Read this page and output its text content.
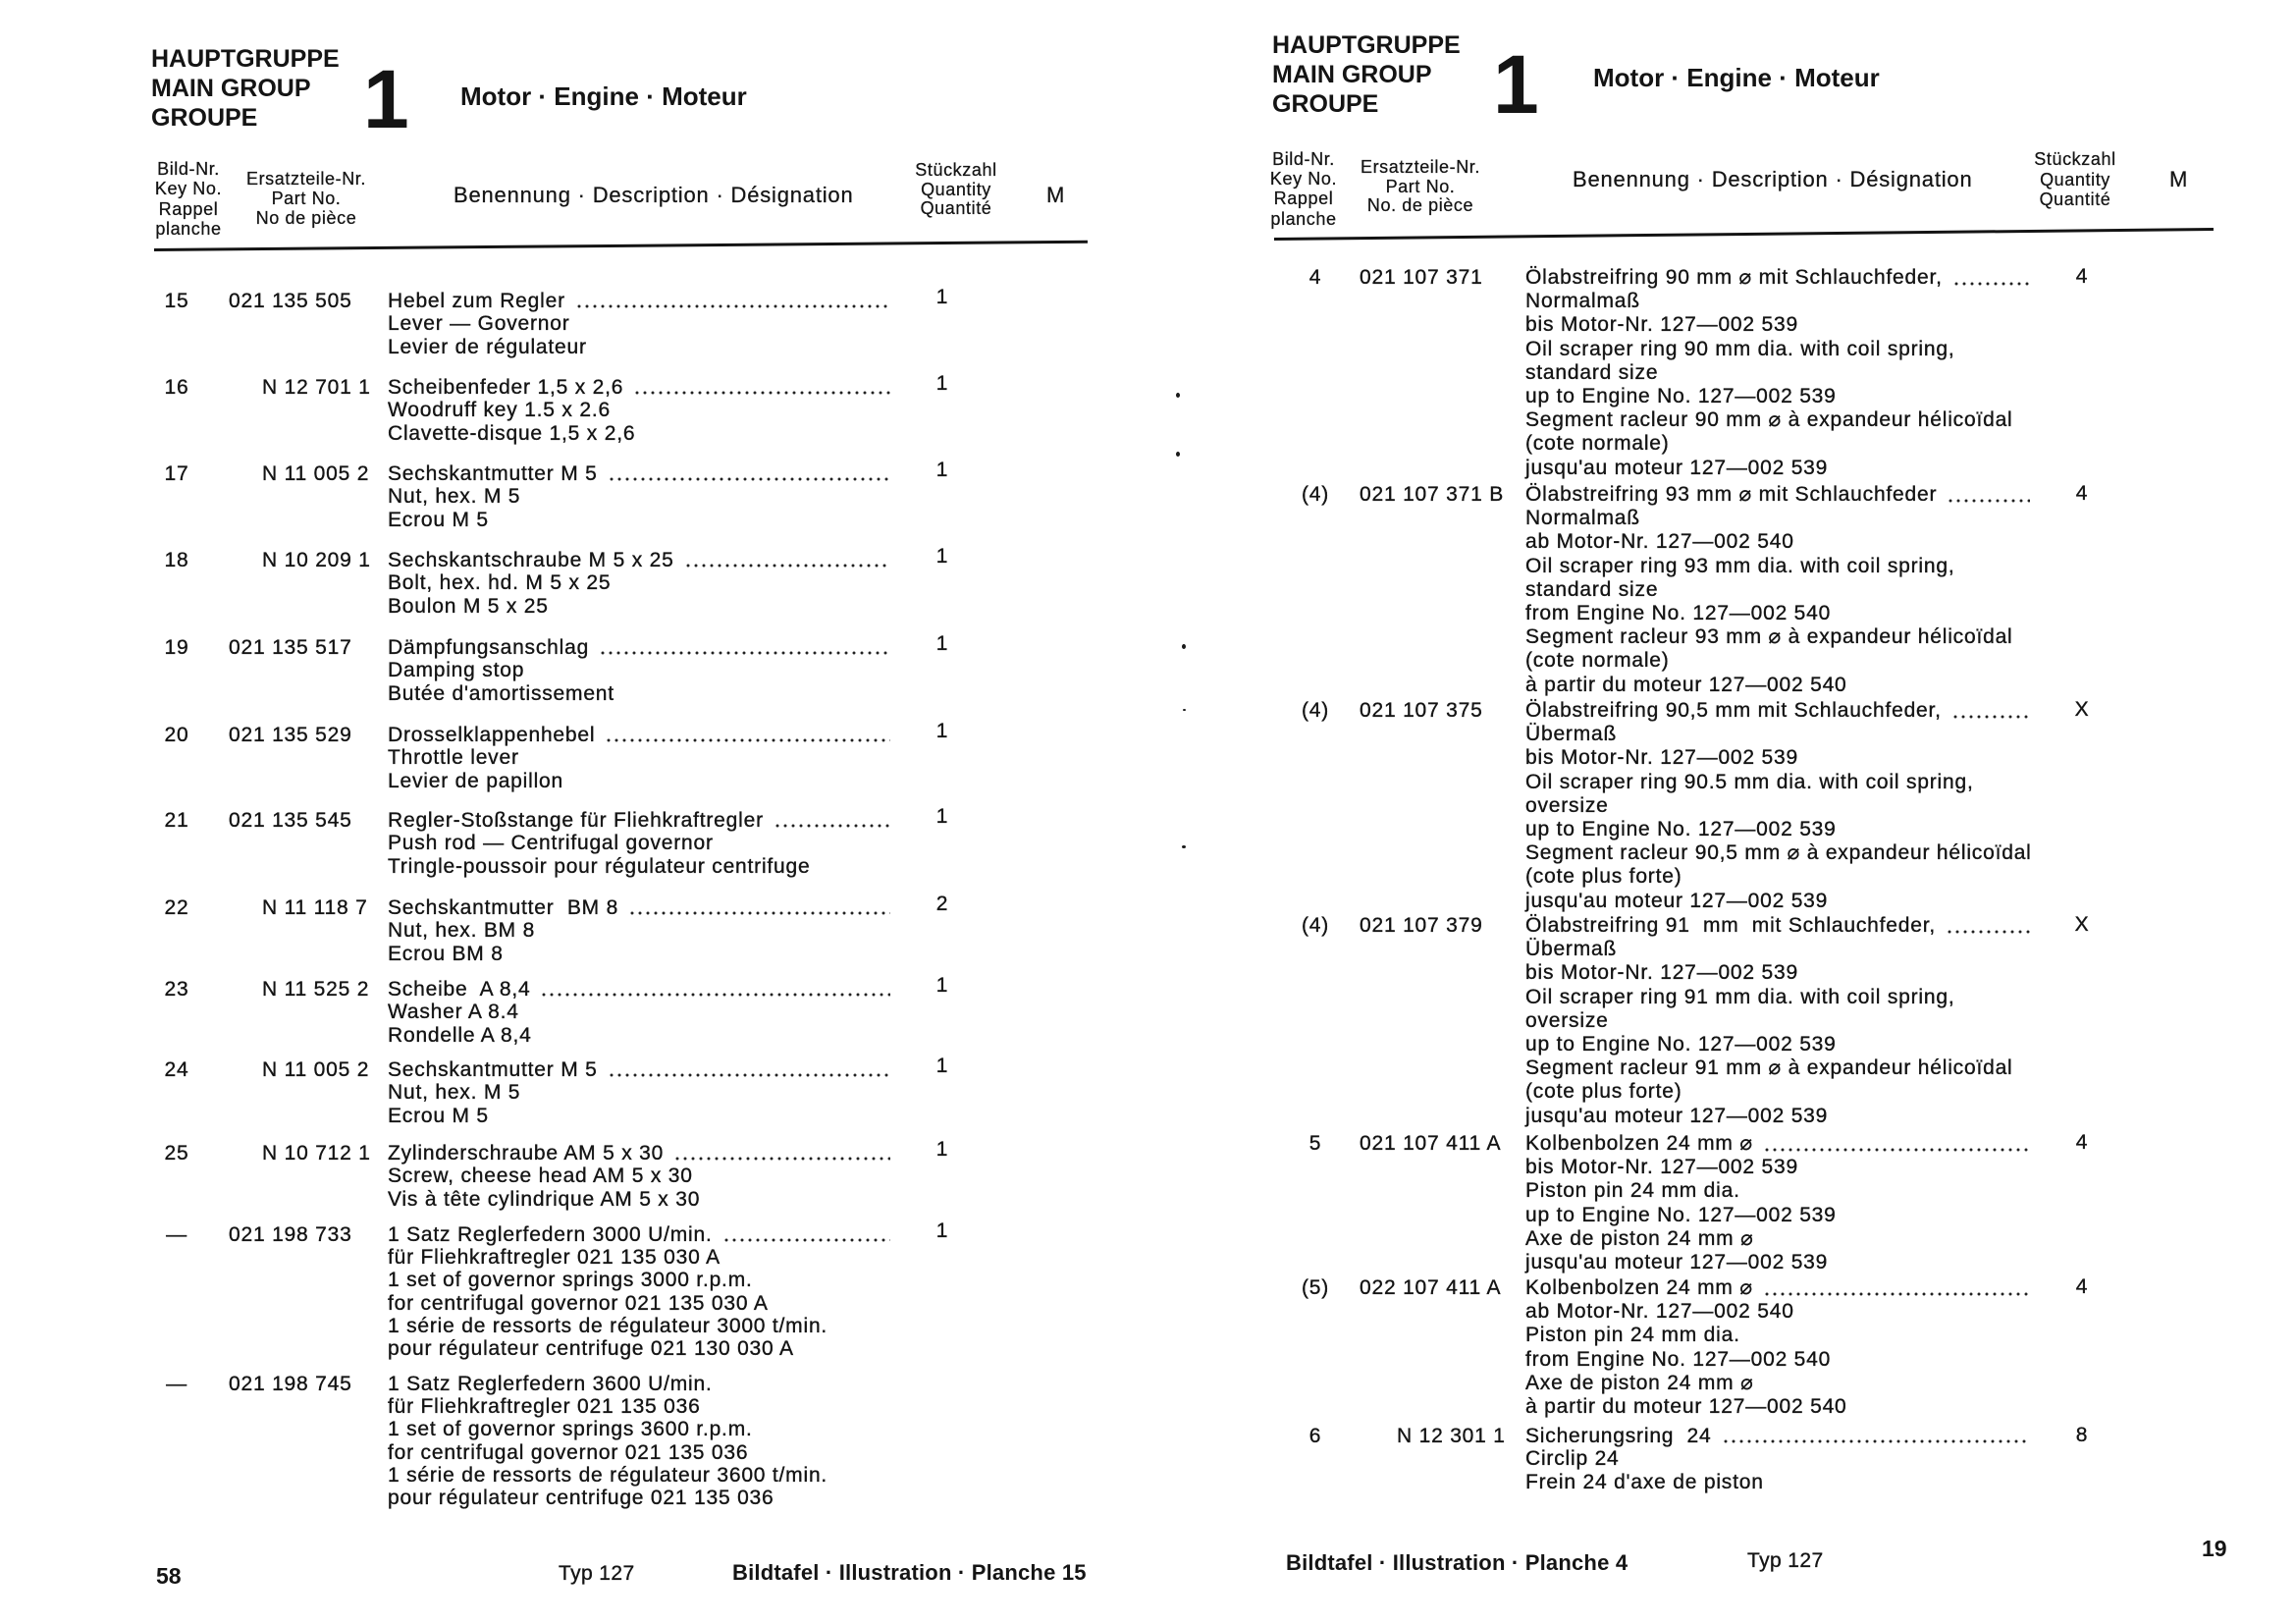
HAUPTGRUPPE
MAIN GROUP
GROUPE	1 Motor · Engine · Moteur
Bild-Nr.
Key No.
Rappel
planche
Ersatzteile-Nr.
Part No.
No de pièce
Benennung · Description · Désignation
Stückzahl
Quantity
Quantité
M
15	021 135 505 Hebel zum Regler
Lever — Governor
Levier de régulateur
1
16	N 12 701 1 Scheibenfeder 1,5 x 2,6
Woodruff key 1.5 x 2.6
Clavette-disque 1,5 x 2,6
1
17	N 11 005 2 Sechskantmutter M 5
Nut, hex. M 5
Ecrou M 5
1
18	N 10 209 1 Sechskantschraube M 5 x 25
Bolt, hex. hd. M 5 x 25
Boulon M 5 x 25
1
19	021 135 517 Dämpfungsanschlag
Damping stop
Butée d'amortissement
1
20	021 135 529 Drosselklappenhebel
Throttle lever
Levier de papillon
1
21	021 135 545 Regler-Stoßstange für Fliehkraftregler
Push rod — Centrifugal governor
Tringle-poussoir pour régulateur centrifuge
1
22	N 11 118 7 Sechskantmutter  BM 8
Nut, hex. BM 8
Ecrou BM 8
2
23	N 11 525 2 Scheibe  A 8,4
Washer A 8.4
Rondelle A 8,4
1
24	N 11 005 2 Sechskantmutter M 5
Nut, hex. M 5
Ecrou M 5
1
25	N 10 712 1 Zylinderschraube AM 5 x 30
Screw, cheese head AM 5 x 30
Vis à tête cylindrique AM 5 x 30
1
—	021 198 733 1 Satz Reglerfedern 3000 U/min.
für Fliehkraftregler 021 135 030 A
1 set of governor springs 3000 r.p.m.
for centrifugal governor 021 135 030 A
1 série de ressorts de régulateur 3000 t/min.
pour régulateur centrifuge 021 130 030 A
1
—	021 198 745 1 Satz Reglerfedern 3600 U/min.
für Fliehkraftregler 021 135 036
1 set of governor springs 3600 r.p.m.
for centrifugal governor 021 135 036
1 série de ressorts de régulateur 3600 t/min.
pour régulateur centrifuge 021 135 036
58	Typ 127	Bildtafel · Illustration · Planche 15
HAUPTGRUPPE
MAIN GROUP
GROUPE	1 Motor · Engine · Moteur
Bild-Nr.
Key No.
Rappel
planche
Ersatzteile-Nr.
Part No.
No. de pièce
Benennung · Description · Désignation
Stückzahl
Quantity
Quantité
M
4	021 107 371 Ölabstreifring 90 mm ⌀ mit Schlauchfeder,
Normalmaß
bis Motor-Nr. 127—002 539
Oil scraper ring 90 mm dia. with coil spring,
standard size
up to Engine No. 127—002 539
Segment racleur 90 mm ⌀ à expandeur hélicoïdal
(cote normale)
jusqu'au moteur 127—002 539
4
(4)	021 107 371 B Ölabstreifring 93 mm ⌀ mit Schlauchfeder
Normalmaß
ab Motor-Nr. 127—002 540
Oil scraper ring 93 mm dia. with coil spring,
standard size
from Engine No. 127—002 540
Segment racleur 93 mm ⌀ à expandeur hélicoïdal
(cote normale)
à partir du moteur 127—002 540
4
(4)	021 107 375 Ölabstreifring 90,5 mm mit Schlauchfeder,
Übermaß
bis Motor-Nr. 127—002 539
Oil scraper ring 90.5 mm dia. with coil spring,
oversize
up to Engine No. 127—002 539
Segment racleur 90,5 mm ⌀ à expandeur hélicoïdal
(cote plus forte)
jusqu'au moteur 127—002 539
X
(4)	021 107 379 Ölabstreifring 91  mm  mit Schlauchfeder,
Übermaß
bis Motor-Nr. 127—002 539
Oil scraper ring 91 mm dia. with coil spring,
oversize
up to Engine No. 127—002 539
Segment racleur 91 mm ⌀ à expandeur hélicoïdal
(cote plus forte)
jusqu'au moteur 127—002 539
X
5	021 107 411 A Kolbenbolzen 24 mm ⌀
bis Motor-Nr. 127—002 539
Piston pin 24 mm dia.
up to Engine No. 127—002 539
Axe de piston 24 mm ⌀
jusqu'au moteur 127—002 539
4
(5)	022 107 411 A Kolbenbolzen 24 mm ⌀
ab Motor-Nr. 127—002 540
Piston pin 24 mm dia.
from Engine No. 127—002 540
Axe de piston 24 mm ⌀
à partir du moteur 127—002 540
4
6	N 12 301 1 Sicherungsring  24
Circlip 24
Frein 24 d'axe de piston
8
Bildtafel · Illustration · Planche 4	Typ 127	19
